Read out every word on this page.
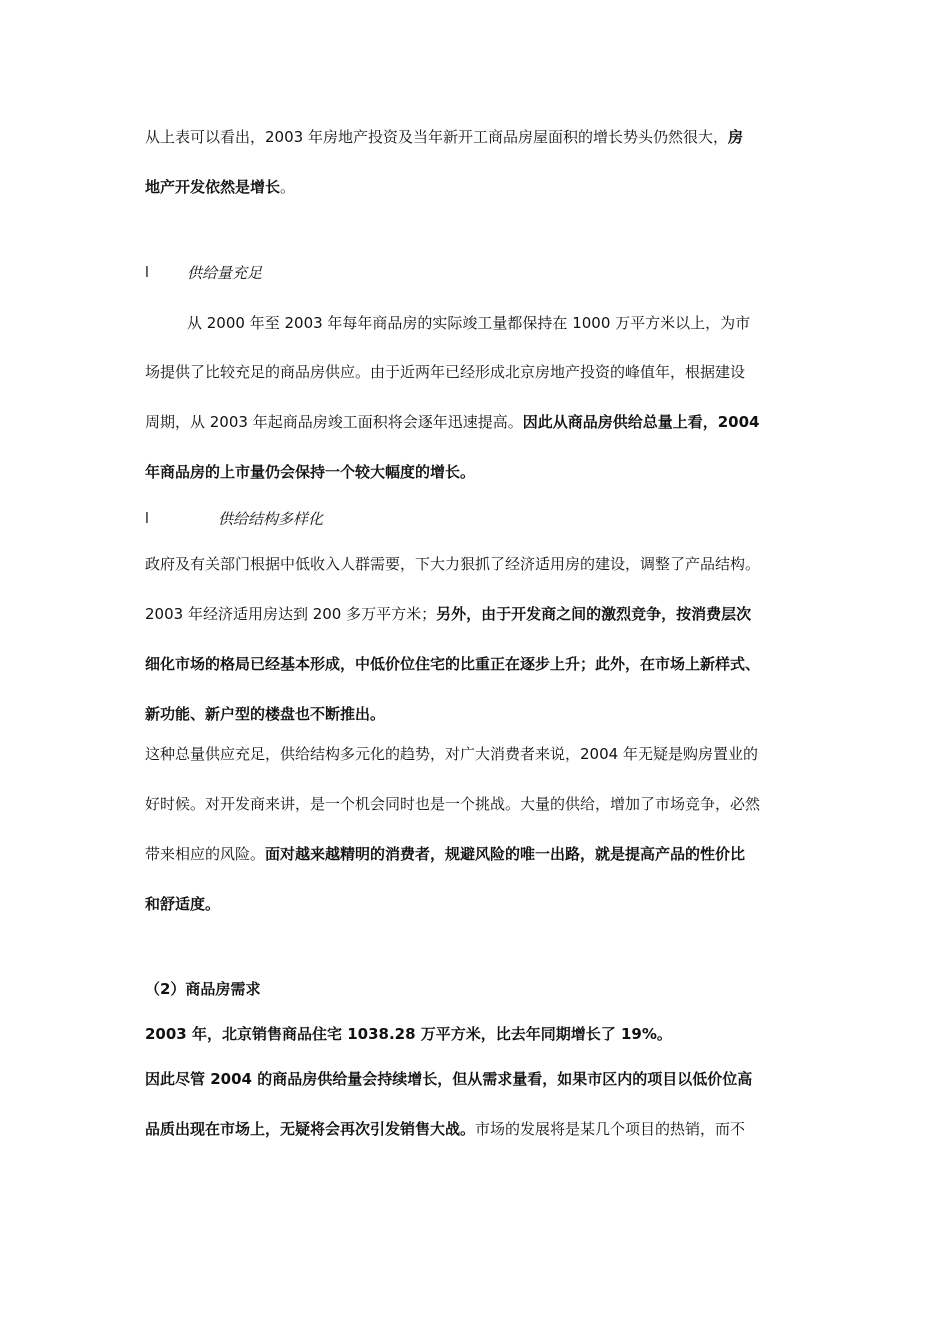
从上表可以看出，2003 年房地产投资及当年新开工商品房屋面积的增长势头仍然很大，房
地产开发依然是增长。
l	供给量充足
从 2000 年至 2003 年每年商品房的实际竣工量都保持在 1000 万平方米以上，为市
场提供了比较充足的商品房供应。由于近两年已经形成北京房地产投资的峰值年，根据建设
周期，从 2003 年起商品房竣工面积将会逐年迅速提高。因此从商品房供给总量上看，2004
年商品房的上市量仍会保持一个较大幅度的增长。
l	供给结构多样化
政府及有关部门根据中低收入人群需要，下大力狠抓了经济适用房的建设，调整了产品结构。
2003 年经济适用房达到 200 多万平方米；另外，由于开发商之间的激烈竞争，按消费层次
细化市场的格局已经基本形成，中低价位住宅的比重正在逐步上升；此外，在市场上新样式、
新功能、新户型的楼盘也不断推出。
这种总量供应充足，供给结构多元化的趋势，对广大消费者来说，2004 年无疑是购房置业的
好时候。对开发商来讲，是一个机会同时也是一个挑战。大量的供给，增加了市场竞争，必然
带来相应的风险。面对越来越精明的消费者，规避风险的唯一出路，就是提高产品的性价比
和舒适度。
（2）商品房需求
2003 年，北京销售商品住宅 1038.28 万平方米，比去年同期增长了 19%。
因此尽管 2004 的商品房供给量会持续增长，但从需求量看，如果市区内的项目以低价位高
品质出现在市场上，无疑将会再次引发销售大战。市场的发展将是某几个项目的热销，而不
